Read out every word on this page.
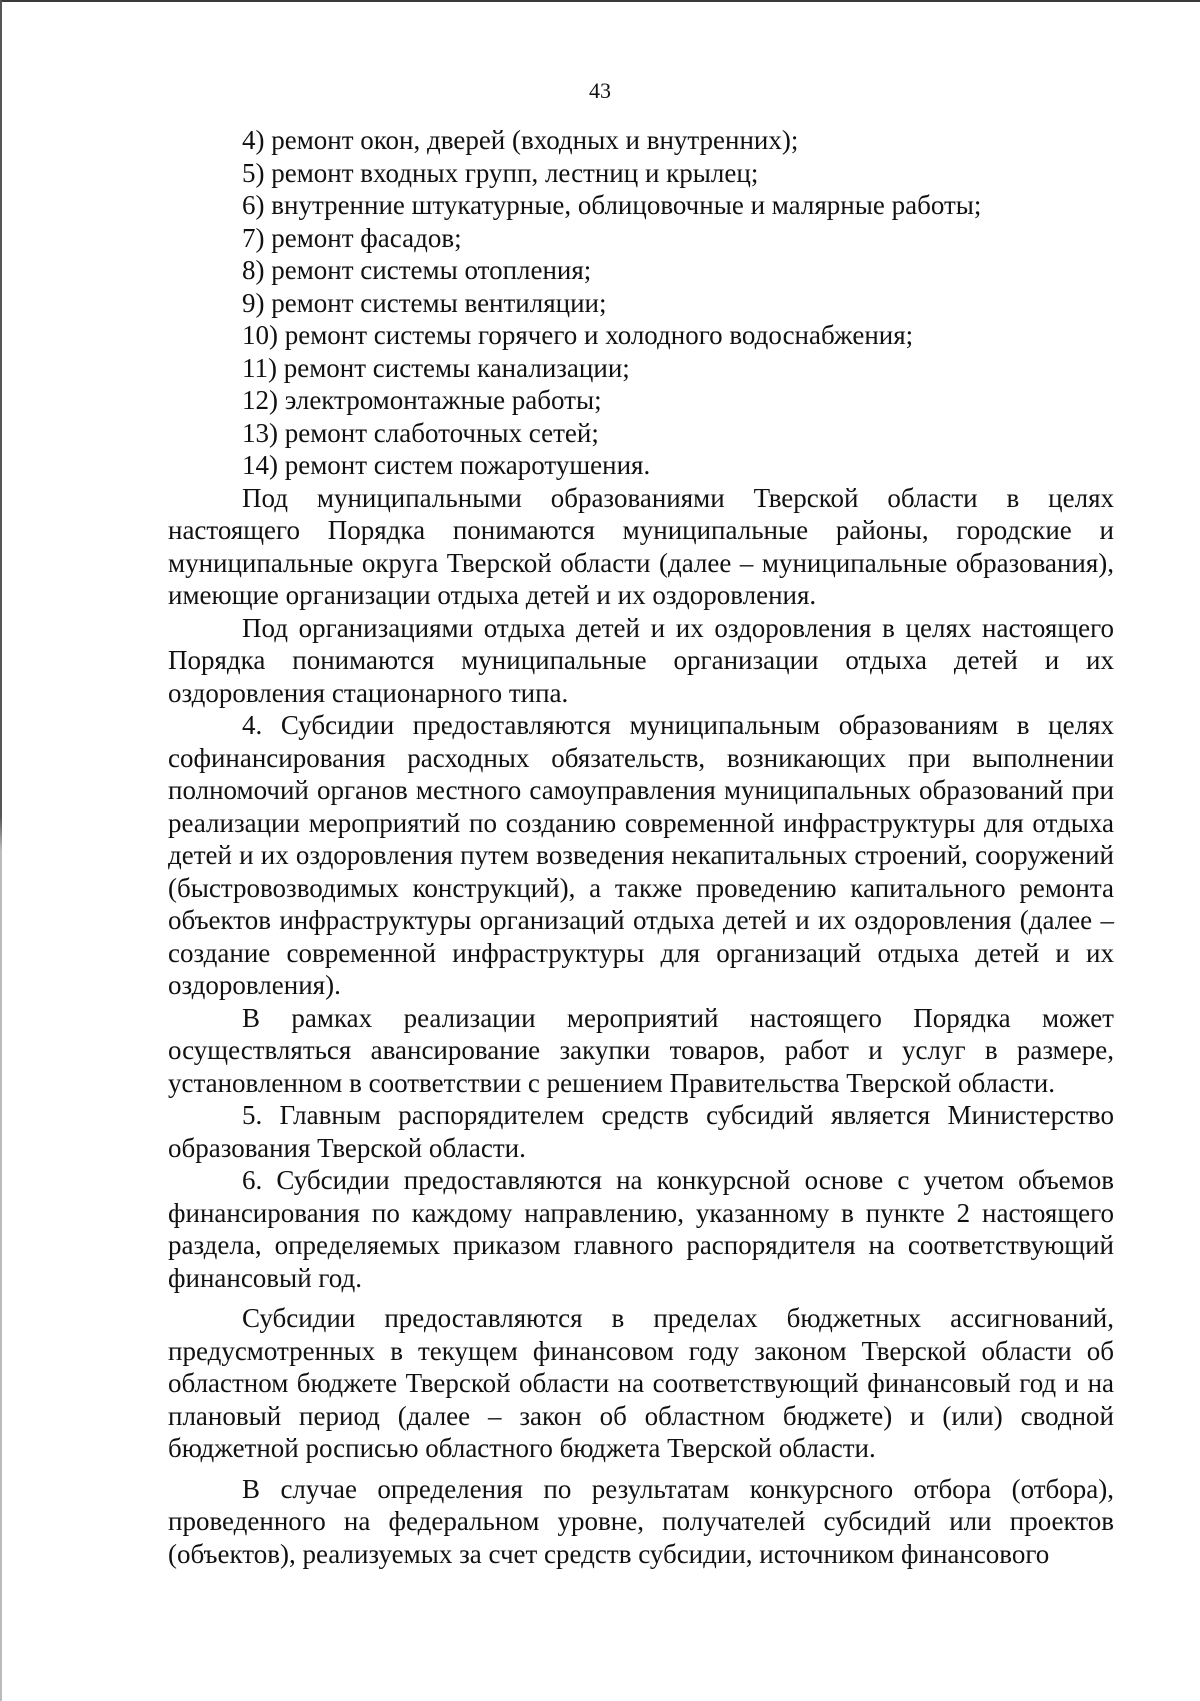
43

4) ремонт окон, дверей (входных и внутренних);

5) ремонт входных групп, лестниц и крылец;

6) внутренние штукатурные, облицовочные и малярные работы;

7) ремонт фасадов;

8) ремонт системы отопления;

9) ремонт системы вентиляции;

10) ремонт системы горячего и холодного водоснабжения;

11) ремонт системы канализации;

12) электромонтажные работы;

13) ремонт слаботочных сетей;

14) ремонт систем пожаротушения.

Под муниципальными образованиями Тверской области в целях настоящего Порядка понимаются муниципальные районы, городские и муниципальные округа Тверской области (далее – муниципальные образования), имеющие организации отдыха детей и их оздоровления.

Под организациями отдыха детей и их оздоровления в целях настоящего Порядка понимаются муниципальные организации отдыха детей и их оздоровления стационарного типа.

4. Субсидии предоставляются муниципальным образованиям в целях софинансирования расходных обязательств, возникающих при выполнении полномочий органов местного самоуправления муниципальных образований при реализации мероприятий по созданию современной инфраструктуры для отдыха детей и их оздоровления путем возведения некапитальных строений, сооружений (быстровозводимых конструкций), а также проведению капитального ремонта объектов инфраструктуры организаций отдыха детей и их оздоровления (далее – создание современной инфраструктуры для организаций отдыха детей и их оздоровления).

В рамках реализации мероприятий настоящего Порядка может осуществляться авансирование закупки товаров, работ и услуг в размере, установленном в соответствии с решением Правительства Тверской области.

5. Главным распорядителем средств субсидий является Министерство образования Тверской области.

6. Субсидии предоставляются на конкурсной основе с учетом объемов финансирования по каждому направлению, указанному в пункте 2 настоящего раздела, определяемых приказом главного распорядителя на соответствующий финансовый год.

Субсидии предоставляются в пределах бюджетных ассигнований, предусмотренных в текущем финансовом году законом Тверской области об областном бюджете Тверской области на соответствующий финансовый год и на плановый период (далее – закон об областном бюджете) и (или) сводной бюджетной росписью областного бюджета Тверской области.

В случае определения по результатам конкурсного отбора (отбора), проведенного на федеральном уровне, получателей субсидий или проектов (объектов), реализуемых за счет средств субсидии, источником финансового
